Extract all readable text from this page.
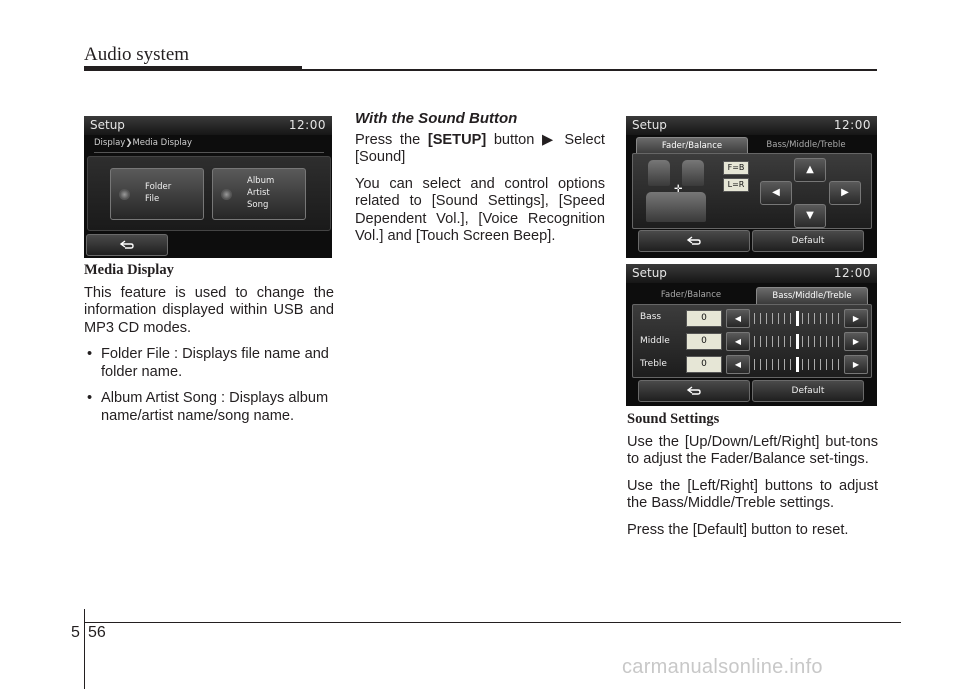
Audio system
Setup	12:00
Display❯Media Display
Folder
File
Album
Artist
Song
Media Display

This feature is used to change the information displayed within USB and MP3 CD modes.

• Folder File : Displays file name and folder name.
• Album Artist Song : Displays album name/artist name/song name.
With the Sound Button

Press the [SETUP] button ▶ Select [Sound]

You can select and control options related to [Sound Settings], [Speed Dependent Vol.], [Voice Recognition Vol.] and [Touch Screen Beep].

Setup	12:00
Fader/Balance	Bass/Middle/Treble
✛
F=B
L=R
▲
◀	▶
▼
Default
Setup	12:00
Fader/Balance	Bass/Middle/Treble
Bass	0	◀	▶
Middle	0	◀	▶
Treble	0	◀	▶
Default
Sound Settings

Use the [Up/Down/Left/Right] but-tons to adjust the Fader/Balance set-tings.

Use the [Left/Right] buttons to adjust the Bass/Middle/Treble settings.

Press the [Default] button to reset.

5 56
carmanualsonline.info
